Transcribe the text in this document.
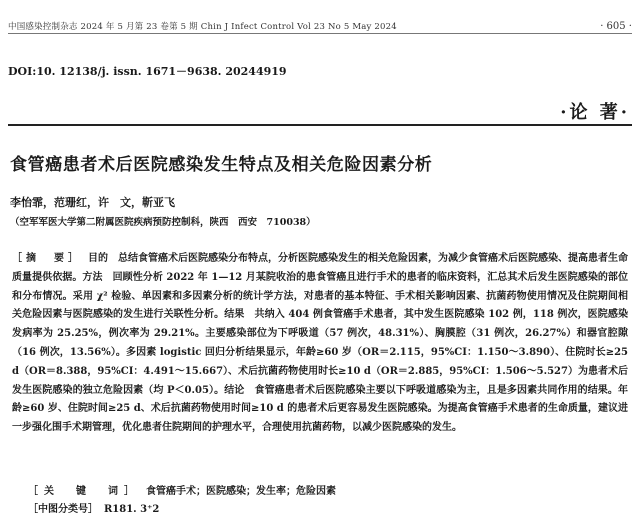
中国感染控制杂志 2024 年 5 月第 23 卷第 5 期 Chin J Infect Control Vol 23 No 5 May 2024	· 605 ·
DOI:10. 12138/j. issn. 1671－9638. 20244919
·论 著·
食管癌患者术后医院感染发生特点及相关危险因素分析
李怡霏，范珊红，许　文，靳亚飞
（空军军医大学第二附属医院疾病预防控制科，陕西　西安　710038）
［摘　要］ 目的　总结食管癌术后医院感染分布特点，分析医院感染发生的相关危险因素，为减少食管癌术后医院感染、提高患者生命质量提供依据。方法　回顾性分析 2022 年 1—12 月某院收治的患食管癌且进行手术的患者的临床资料，汇总其术后发生医院感染的部位和分布情况。采用 χ² 检验、单因素和多因素分析的统计学方法，对患者的基本特征、手术相关影响因素、抗菌药物使用情况及住院期间相关危险因素与医院感染的发生进行关联性分析。结果　共纳入 404 例食管癌手术患者，其中发生医院感染 102 例，118 例次，医院感染发病率为 25.25%，例次率为 29.21%。主要感染部位为下呼吸道（57 例次，48.31%）、胸膜腔（31 例次，26.27%）和器官腔隙（16 例次，13.56%）。多因素 logistic 回归分析结果显示，年龄≥60 岁（OR＝2.115，95%CI：1.150～3.890）、住院时长≥25 d（OR＝8.388，95%CI：4.491～15.667）、术后抗菌药物使用时长≥10 d（OR＝2.885，95%CI：1.506～5.527）为患者术后发生医院感染的独立危险因素（均 P＜0.05）。结论　食管癌患者术后医院感染主要以下呼吸道感染为主，且是多因素共同作用的结果。年龄≥60 岁、住院时间≥25 d、术后抗菌药物使用时间≥10 d 的患者术后更容易发生医院感染。为提高食管癌手术患者的生命质量，建议进一步强化围手术期管理，优化患者住院期间的护理水平，合理使用抗菌药物，以减少医院感染的发生。
［关　键　词］ 食管癌手术；医院感染；发生率；危险因素
［中图分类号］ R181. 3⁺2
